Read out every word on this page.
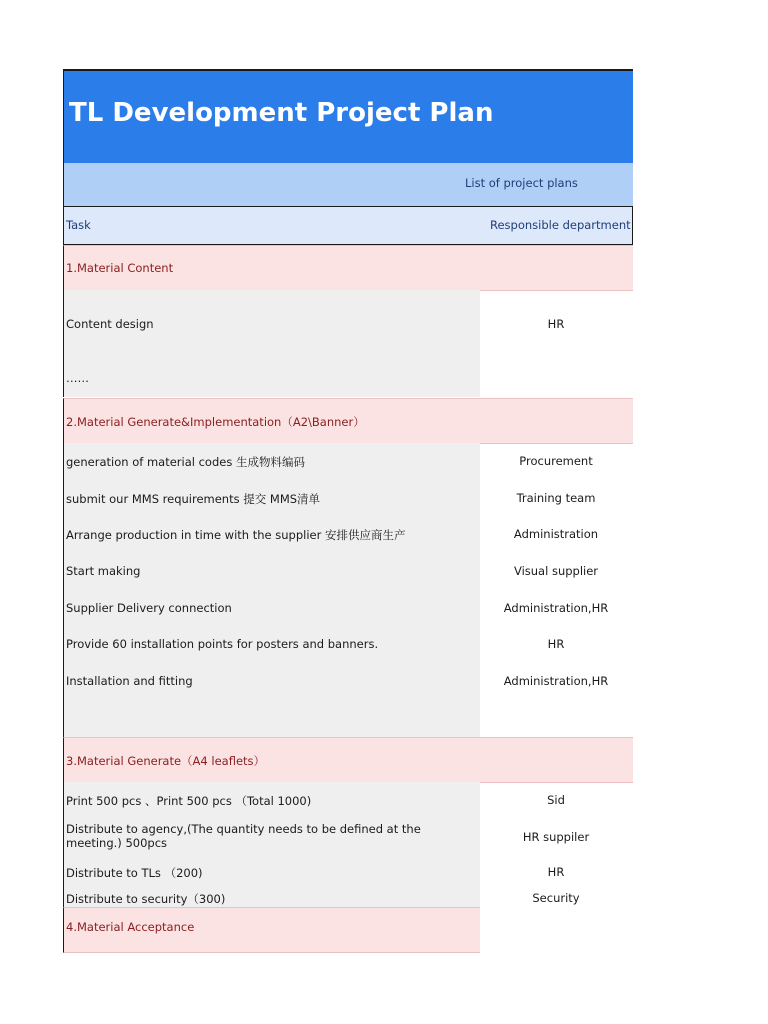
TL Development Project Plan
List of project plans
Task	Responsible department
1.Material Content
Content design	HR
……
2.Material Generate&Implementation（A2\Banner）
generation of material codes 生成物料编码	Procurement
submit our MMS requirements 提交 MMS清单	Training team
Arrange production in time with the supplier 安排供应商生产	Administration
Start making	Visual supplier
Supplier Delivery connection	Administration,HR
Provide 60 installation points for posters and banners.	HR
Installation and fitting	Administration,HR
3.Material Generate（A4 leaflets）
Print 500 pcs 、Print 500 pcs （Total 1000)	Sid
Distribute to agency,(The quantity needs to be defined at the meeting.) 500pcs	HR suppiler
Distribute to TLs （200)	HR
Distribute to security（300)	Security
4.Material Acceptance
